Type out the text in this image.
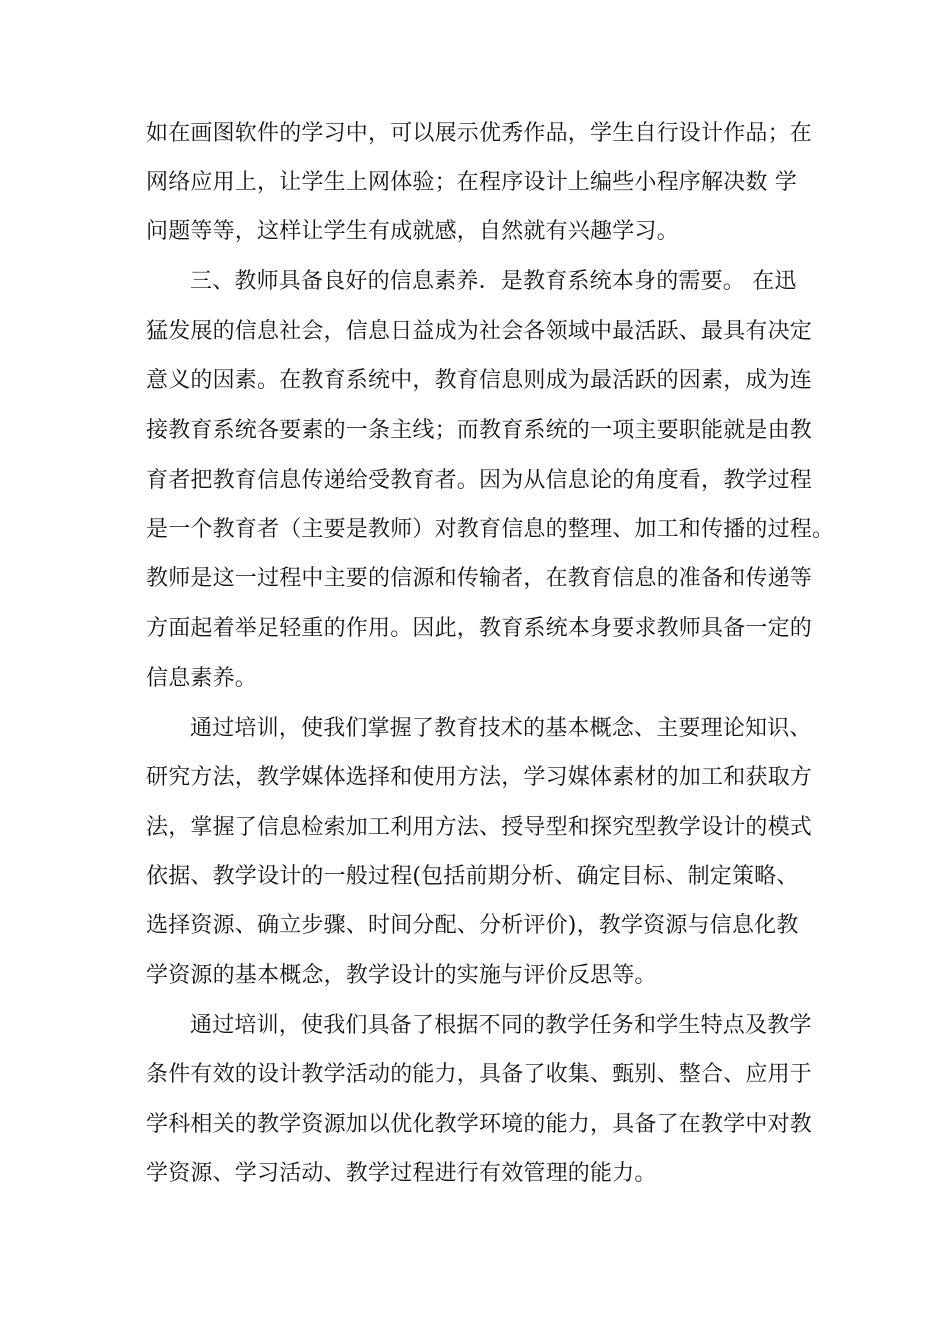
如在画图软件的学习中，可以展示优秀作品，学生自行设计作品；在
网络应用上，让学生上网体验；在程序设计上编些小程序解决数 学
问题等等，这样让学生有成就感，自然就有兴趣学习。
三、教师具备良好的信息素养．是教育系统本身的需要。 在迅
猛发展的信息社会，信息日益成为社会各领域中最活跃、最具有决定
意义的因素。在教育系统中，教育信息则成为最活跃的因素，成为连
接教育系统各要素的一条主线；而教育系统的一项主要职能就是由教
育者把教育信息传递给受教育者。因为从信息论的角度看，教学过程
是一个教育者（主要是教师）对教育信息的整理、加工和传播的过程。
教师是这一过程中主要的信源和传输者，在教育信息的准备和传递等
方面起着举足轻重的作用。因此，教育系统本身要求教师具备一定的
信息素养。
通过培训，使我们掌握了教育技术的基本概念、主要理论知识、
研究方法，教学媒体选择和使用方法，学习媒体素材的加工和获取方
法，掌握了信息检索加工利用方法、授导型和探究型教学设计的模式
依据、教学设计的一般过程(包括前期分析、确定目标、制定策略、
选择资源、确立步骤、时间分配、分析评价)，教学资源与信息化教
学资源的基本概念，教学设计的实施与评价反思等。
通过培训，使我们具备了根据不同的教学任务和学生特点及教学
条件有效的设计教学活动的能力，具备了收集、甄别、整合、应用于
学科相关的教学资源加以优化教学环境的能力，具备了在教学中对教
学资源、学习活动、教学过程进行有效管理的能力。
